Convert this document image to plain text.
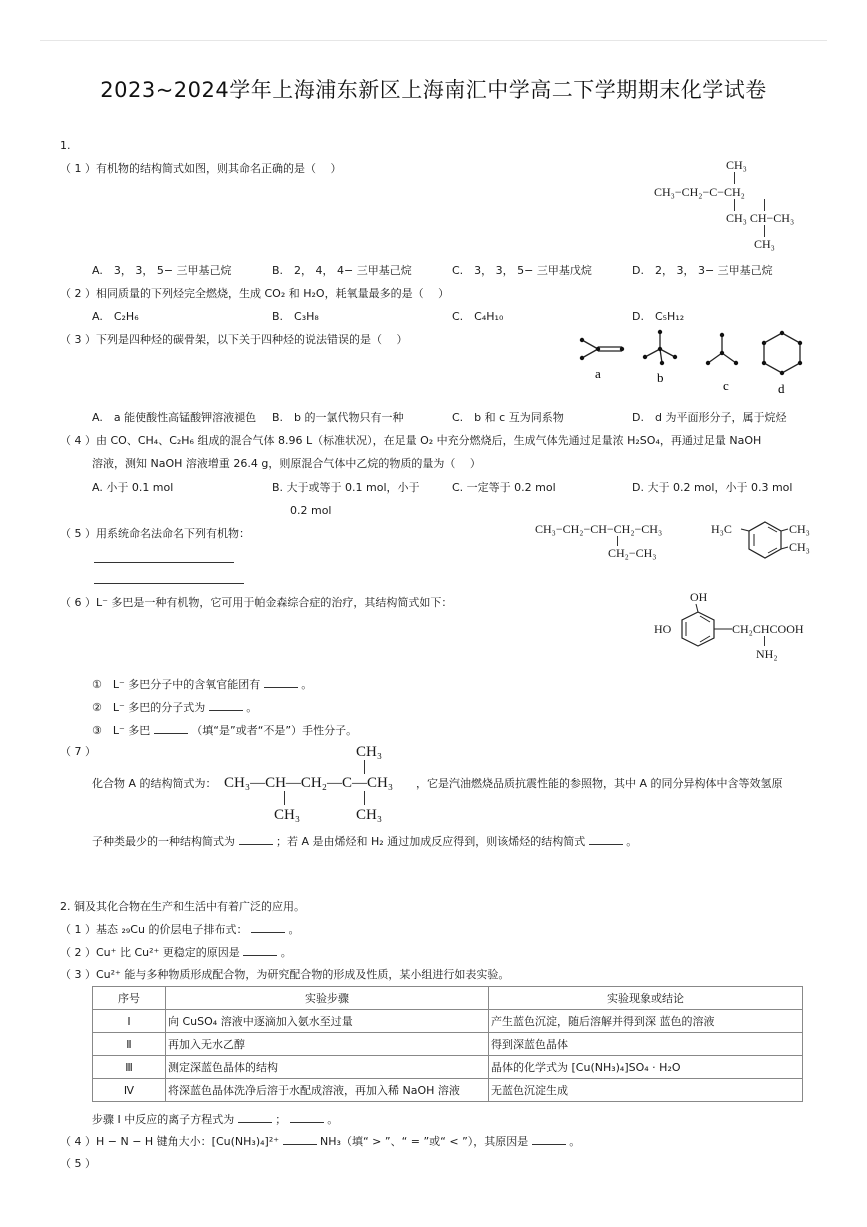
2023~2024学年上海浦东新区上海南汇中学高二下学期期末化学试卷
1.
（ 1 ）有机物的结构简式如图，则其命名正确的是（　 ）	CH₃
CH₃−CH₂−C−CH₂
CH₃ CH−CH₃
CH₃
A.　3， 3， 5− 三甲基己烷	B.　2， 4， 4− 三甲基己烷	C.　3， 3， 5− 三甲基戊烷	D.　2， 3， 3− 三甲基己烷
（ 2 ）相同质量的下列烃完全燃烧，生成 CO₂ 和 H₂O，耗氧量最多的是（　 ）
A.　C₂H₆	B.　C₃H₈	C.　C₄H₁₀	D.　C₅H₁₂
（ 3 ）下列是四种烃的碳骨架，以下关于四种烃的说法错误的是（　 ）
a	b
c	d
A.　a 能使酸性高锰酸钾溶液褪色 B.　b 的一氯代物只有一种	C.　b 和 c 互为同系物	D.　d 为平面形分子，属于烷烃
（ 4 ）由 CO、CH₄、C₂H₆ 组成的混合气体 8.96 L（标准状况），在足量 O₂ 中充分燃烧后，生成气体先通过足量浓 H₂SO₄，再通过足量 NaOH
溶液，测知 NaOH 溶液增重 26.4 g，则原混合气体中乙烷的物质的量为（　 ）
A. 小于 0.1 mol	B. 大于或等于 0.1 mol，小于
0.2 mol
C. 一定等于 0.2 mol	D. 大于 0.2 mol，小于 0.3 mol
（ 5 ）用系统命名法命名下列有机物：	CH₃−CH₂−CH−CH₂−CH₃
CH₂−CH₃
H₃C	CH₃
CH₃
（ 6 ）L⁻ 多巴是一种有机物，它可用于帕金森综合症的治疗，其结构简式如下：	OH
HO	CH₂CHCOOH
NH₂
①　L⁻ 多巴分子中的含氧官能团有	。
②　L⁻ 多巴的分子式为	。
③　L⁻ 多巴	（填“是”或者“不是”）手性分子。
（ 7 ）
化合物 A 的结构简式为：
CH₃
CH₃—CH—CH₂—C—CH₃
CH₃	CH₃
，它是汽油燃烧品质抗震性能的参照物，其中 A 的同分异构体中含等效氢原
子种类最少的一种结构简式为	；若 A 是由烯烃和 H₂ 通过加成反应得到，则该烯烃的结构简式	。
2. 铜及其化合物在生产和生活中有着广泛的应用。
（ 1 ）基态 ₂₉Cu 的价层电子排布式：	。
（ 2 ）Cu⁺ 比 Cu²⁺ 更稳定的原因是	。
（ 3 ）Cu²⁺ 能与多种物质形成配合物，为研究配合物的形成及性质，某小组进行如表实验。
序号	实验步骤	实验现象或结论
Ⅰ	向 CuSO₄ 溶液中逐滴加入氨水至过量	产生蓝色沉淀，随后溶解并得到深 蓝色的溶液
Ⅱ	再加入无水乙醇	得到深蓝色晶体
Ⅲ	测定深蓝色晶体的结构	晶体的化学式为 [Cu(NH₃)₄]SO₄ · H₂O
Ⅳ	将深蓝色晶体洗净后溶于水配成溶液，再加入稀 NaOH 溶液	无蓝色沉淀生成
步骤 Ⅰ 中反应的离子方程式为	；	。
（ 4 ）H − N − H 键角大小：[Cu(NH₃)₄]²⁺	NH₃（填“ > ”、“ = ”或“ < ”），其原因是	。
（ 5 ）
